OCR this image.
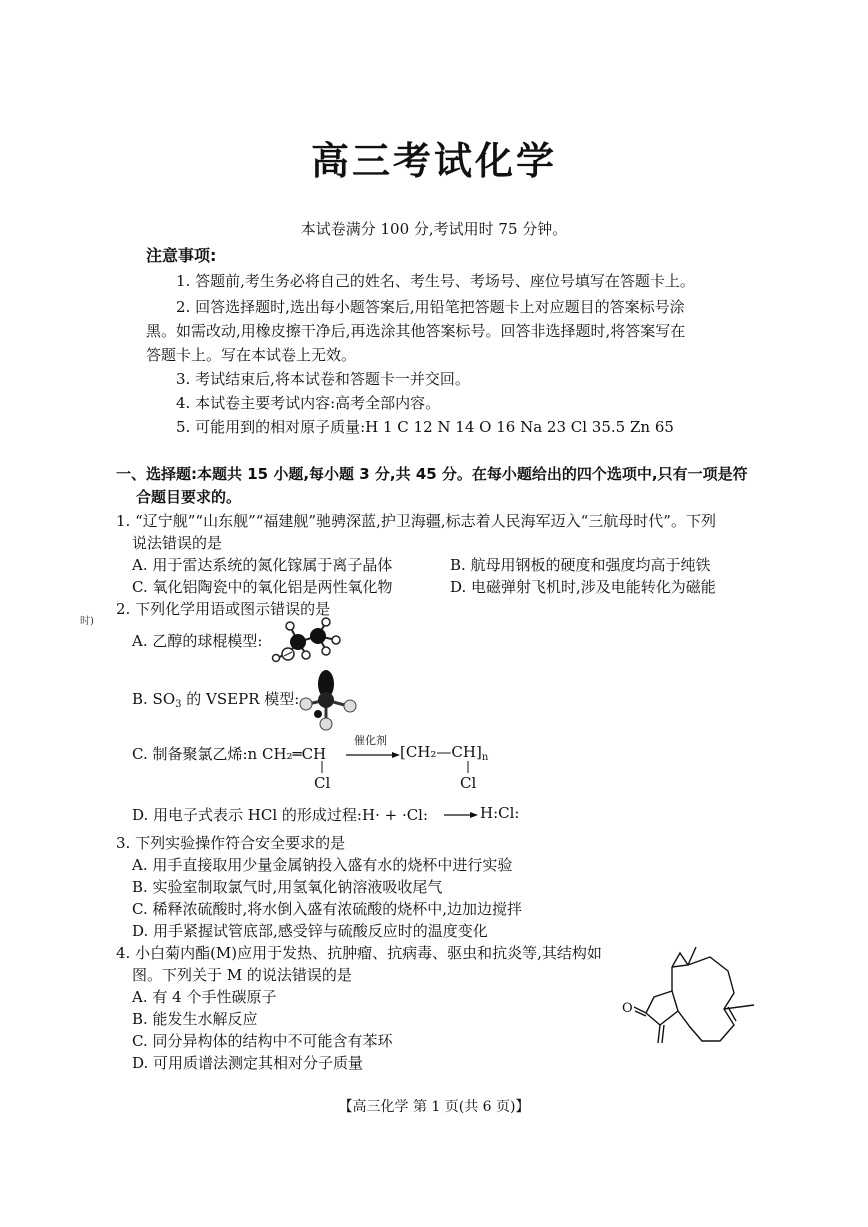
高三考试化学
本试卷满分 100 分,考试用时 75 分钟。
注意事项:
1. 答题前,考生务必将自己的姓名、考生号、考场号、座位号填写在答题卡上。
2. 回答选择题时,选出每小题答案后,用铅笔把答题卡上对应题目的答案标号涂
黑。如需改动,用橡皮擦干净后,再选涂其他答案标号。回答非选择题时,将答案写在
答题卡上。写在本试卷上无效。
3. 考试结束后,将本试卷和答题卡一并交回。
4. 本试卷主要考试内容:高考全部内容。
5. 可能用到的相对原子质量:H 1 C 12 N 14 O 16 Na 23 Cl 35.5 Zn 65
一、选择题:本题共 15 小题,每小题 3 分,共 45 分。在每小题给出的四个选项中,只有一项是符
合题目要求的。
1. “辽宁舰”“山东舰”“福建舰”驰骋深蓝,护卫海疆,标志着人民海军迈入“三航母时代”。下列
说法错误的是
A. 用于雷达系统的氮化镓属于离子晶体	B. 航母用钢板的硬度和强度均高于纯铁
C. 氧化铝陶瓷中的氧化铝是两性氧化物	D. 电磁弹射飞机时,涉及电能转化为磁能
时)
2. 下列化学用语或图示错误的是
A. 乙醇的球棍模型:
B. $SO_3$ 的 VSEPR 模型:
C. 制备聚氯乙烯:n CH₂═CH
催化剂
→ $[CH_2—CH]_n$
Cl	Cl
D. 用电子式表示 HCl 的形成过程:H· + ·Cl:	H:Cl:
3. 下列实验操作符合安全要求的是
A. 用手直接取用少量金属钠投入盛有水的烧杯中进行实验
B. 实验室制取氯气时,用氢氧化钠溶液吸收尾气
C. 稀释浓硫酸时,将水倒入盛有浓硫酸的烧杯中,边加边搅拌
D. 用手紧握试管底部,感受锌与硫酸反应时的温度变化
4. 小白菊内酯(M)应用于发热、抗肿瘤、抗病毒、驱虫和抗炎等,其结构如
图。下列关于 M 的说法错误的是
A. 有 4 个手性碳原子
B. 能发生水解反应
C. 同分异构体的结构中不可能含有苯环
D. 可用质谱法测定其相对分子质量
O
【高三化学 第 1 页(共 6 页)】
